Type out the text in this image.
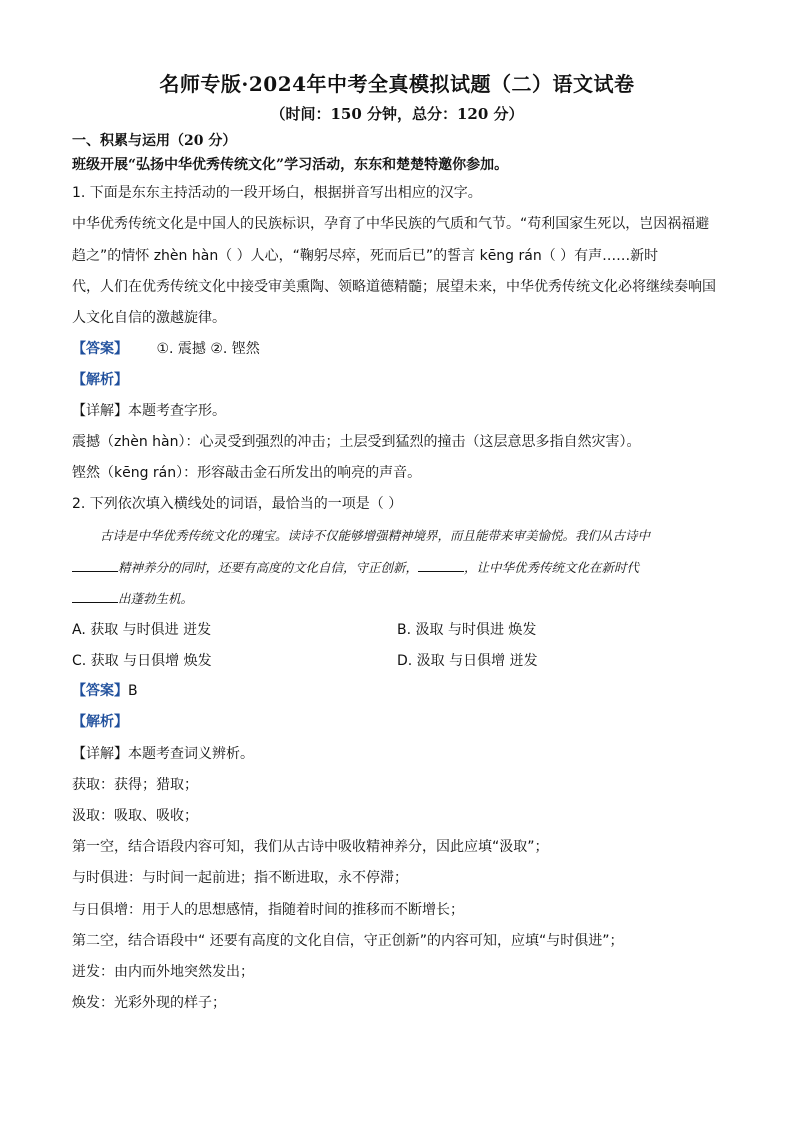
名师专版·2024年中考全真模拟试题（二）语文试卷
（时间：150 分钟，总分：120 分）
一、积累与运用（20 分）
班级开展“弘扬中华优秀传统文化”学习活动，东东和楚楚特邀你参加。
1. 下面是东东主持活动的一段开场白，根据拼音写出相应的汉字。
中华优秀传统文化是中国人的民族标识，孕育了中华民族的气质和气节。“苟利国家生死以，岂因祸福避
趋之”的情怀 zhèn hàn（ ）人心，“鞠躬尽瘁，死而后已”的誓言 kēng rán（ ）有声……新时
代，人们在优秀传统文化中接受审美熏陶、领略道德精髓；展望未来，中华优秀传统文化必将继续奏响国
人文化自信的激越旋律。
【答案】 ①. 震撼 ②. 铿然
【解析】
【详解】本题考查字形。
震撼（zhèn hàn）：心灵受到强烈的冲击；土层受到猛烈的撞击（这层意思多指自然灾害）。
铿然（kēng rán）：形容敲击金石所发出的响亮的声音。
2. 下列依次填入横线处的词语，最恰当的一项是（ ）
古诗是中华优秀传统文化的瑰宝。读诗不仅能够增强精神境界，而且能带来审美愉悦。我们从古诗中
精神养分的同时，还要有高度的文化自信，守正创新，	，让中华优秀传统文化在新时代
出蓬勃生机。
A. 获取 与时俱进 迸发	B. 汲取 与时俱进 焕发
C. 获取 与日俱增 焕发	D. 汲取 与日俱增 迸发
【答案】B
【解析】
【详解】本题考查词义辨析。
获取：获得；猎取；
汲取：吸取、吸收；
第一空，结合语段内容可知，我们从古诗中吸收精神养分，因此应填“汲取”；
与时俱进：与时间一起前进；指不断进取，永不停滞；
与日俱增：用于人的思想感情，指随着时间的推移而不断增长；
第二空，结合语段中“ 还要有高度的文化自信，守正创新”的内容可知，应填“与时俱进”；
迸发：由内而外地突然发出；
焕发：光彩外现的样子；
